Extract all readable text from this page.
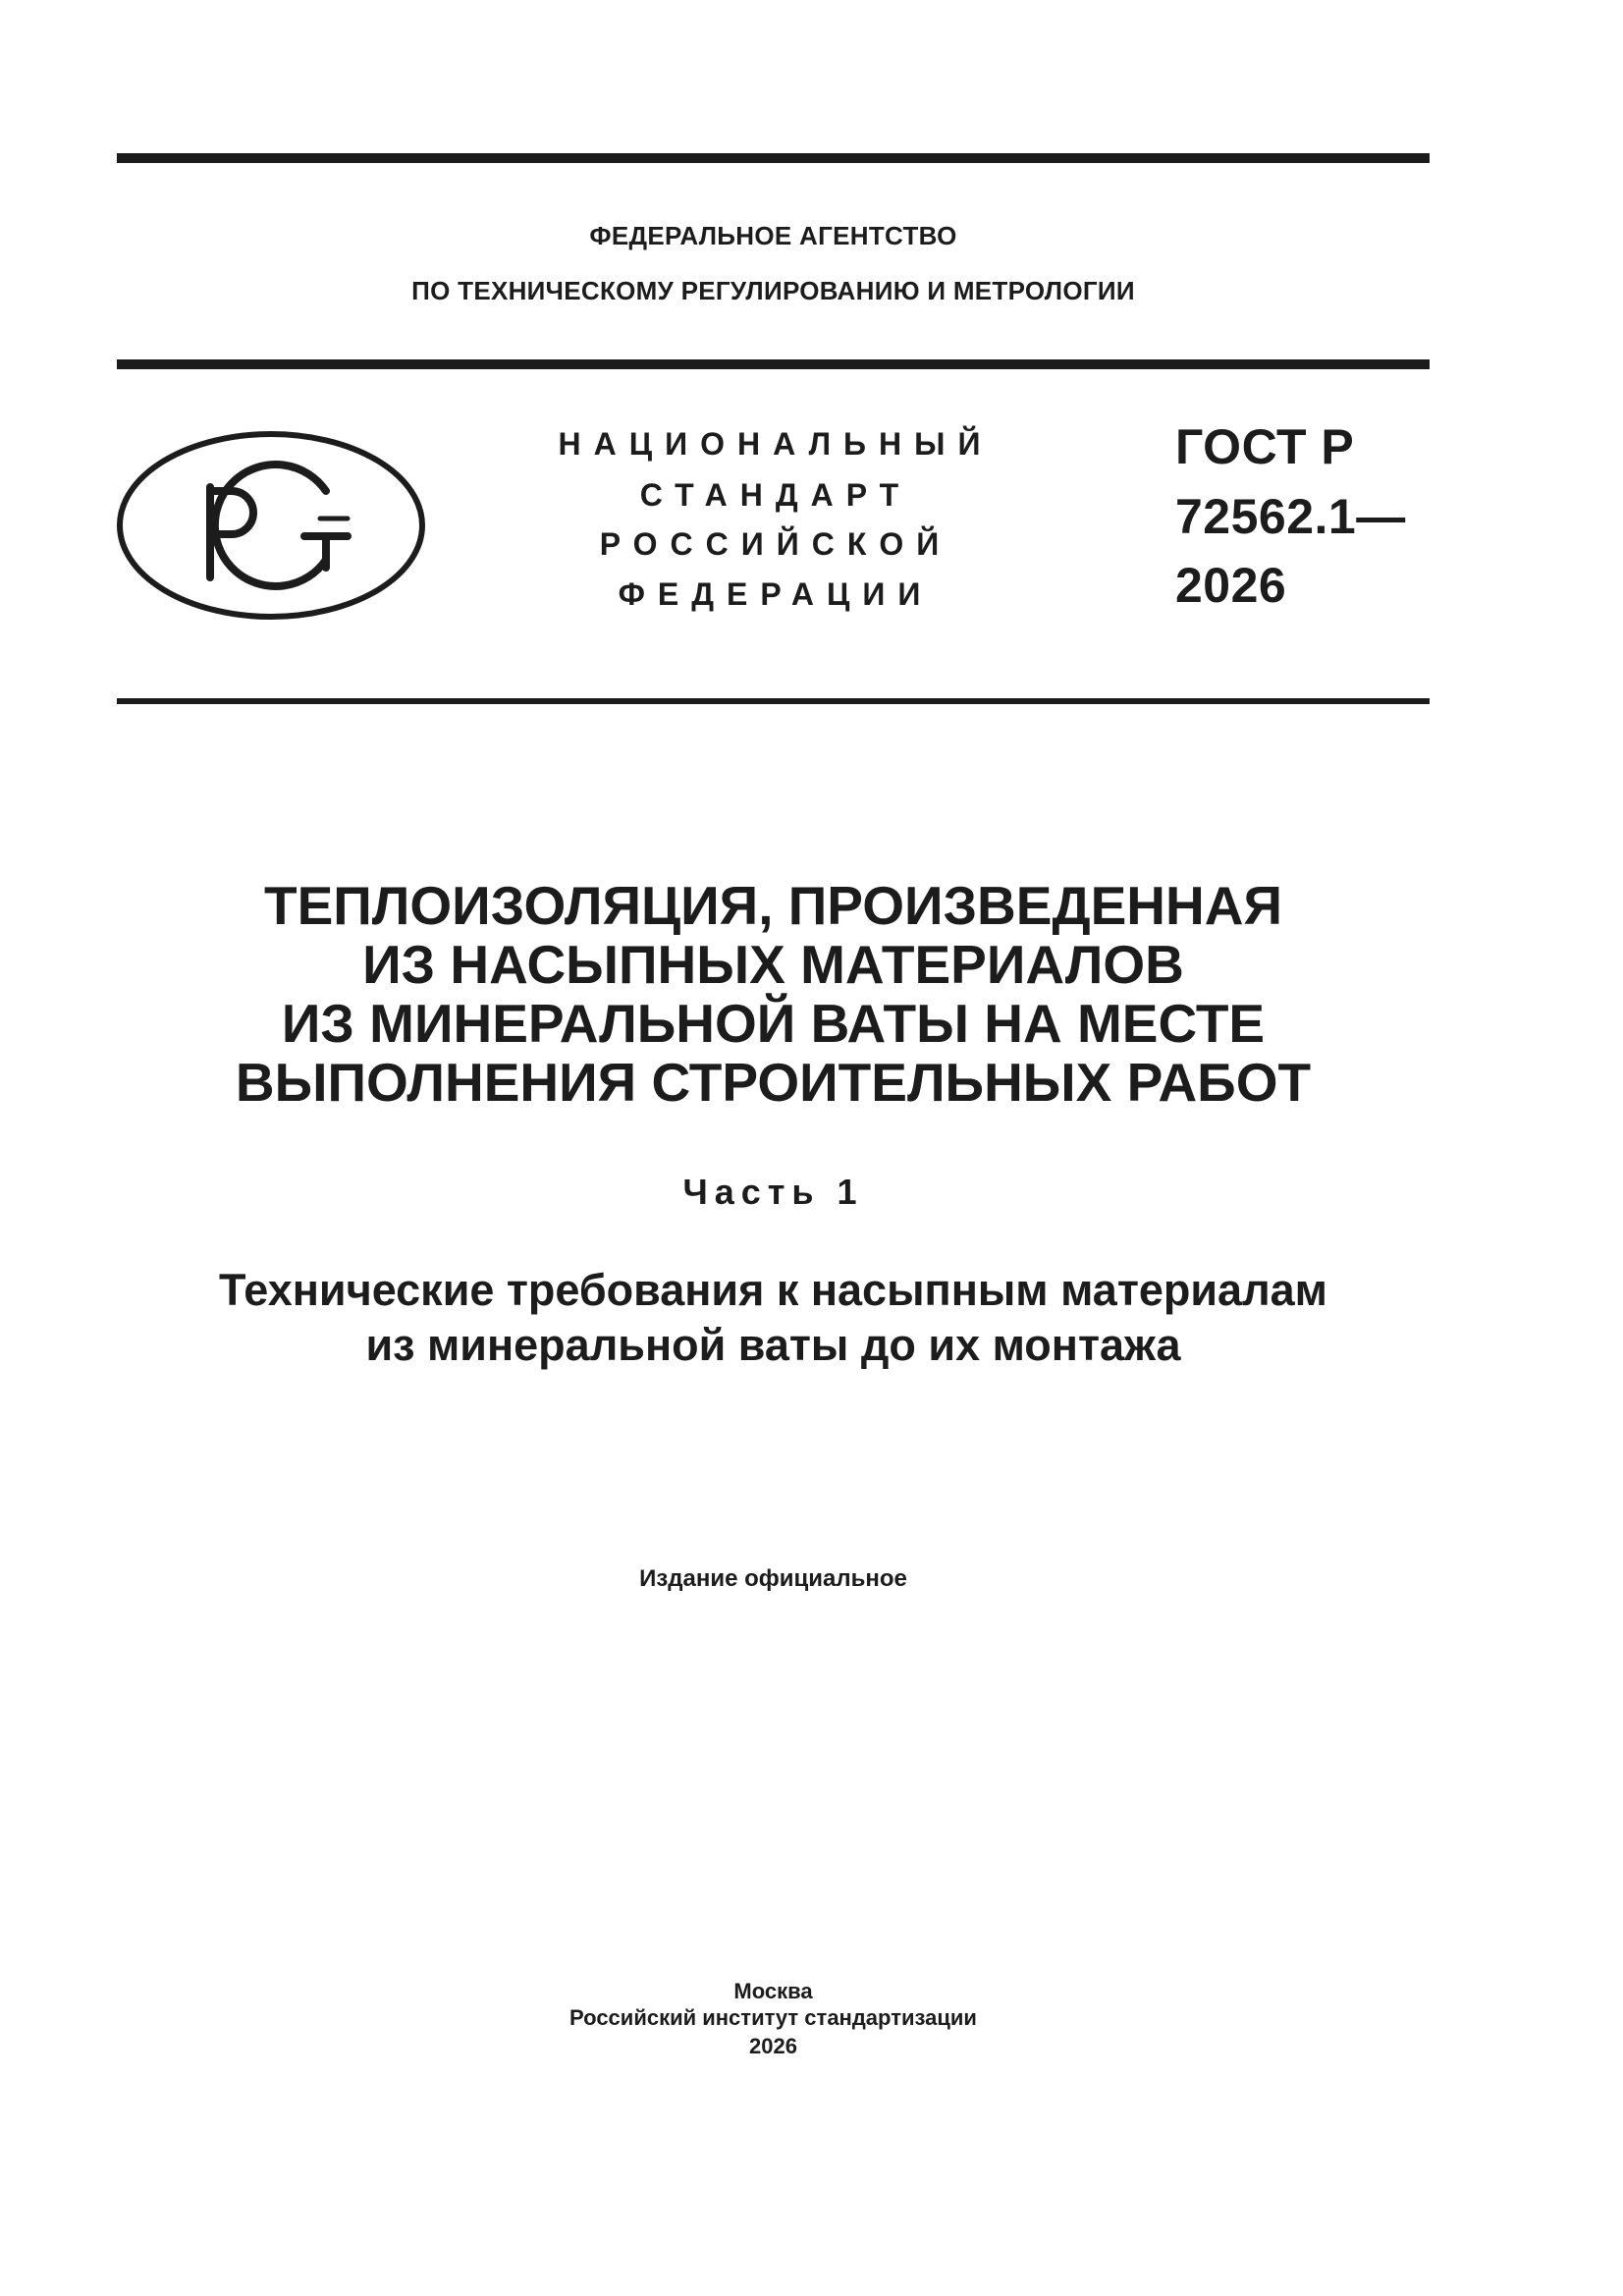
ФЕДЕРАЛЬНОЕ АГЕНТСТВО
ПО ТЕХНИЧЕСКОМУ РЕГУЛИРОВАНИЮ И МЕТРОЛОГИИ
НАЦИОНАЛЬНЫЙ
СТАНДАРТ
РОССИЙСКОЙ
ФЕДЕРАЦИИ
ГОСТ Р
72562.1—
2026
ТЕПЛОИЗОЛЯЦИЯ, ПРОИЗВЕДЕННАЯ
ИЗ НАСЫПНЫХ МАТЕРИАЛОВ
ИЗ МИНЕРАЛЬНОЙ ВАТЫ НА МЕСТЕ
ВЫПОЛНЕНИЯ СТРОИТЕЛЬНЫХ РАБОТ
Часть 1
Технические требования к насыпным материалам
из минеральной ваты до их монтажа
Издание официальное
Москва
Российский институт стандартизации
2026
